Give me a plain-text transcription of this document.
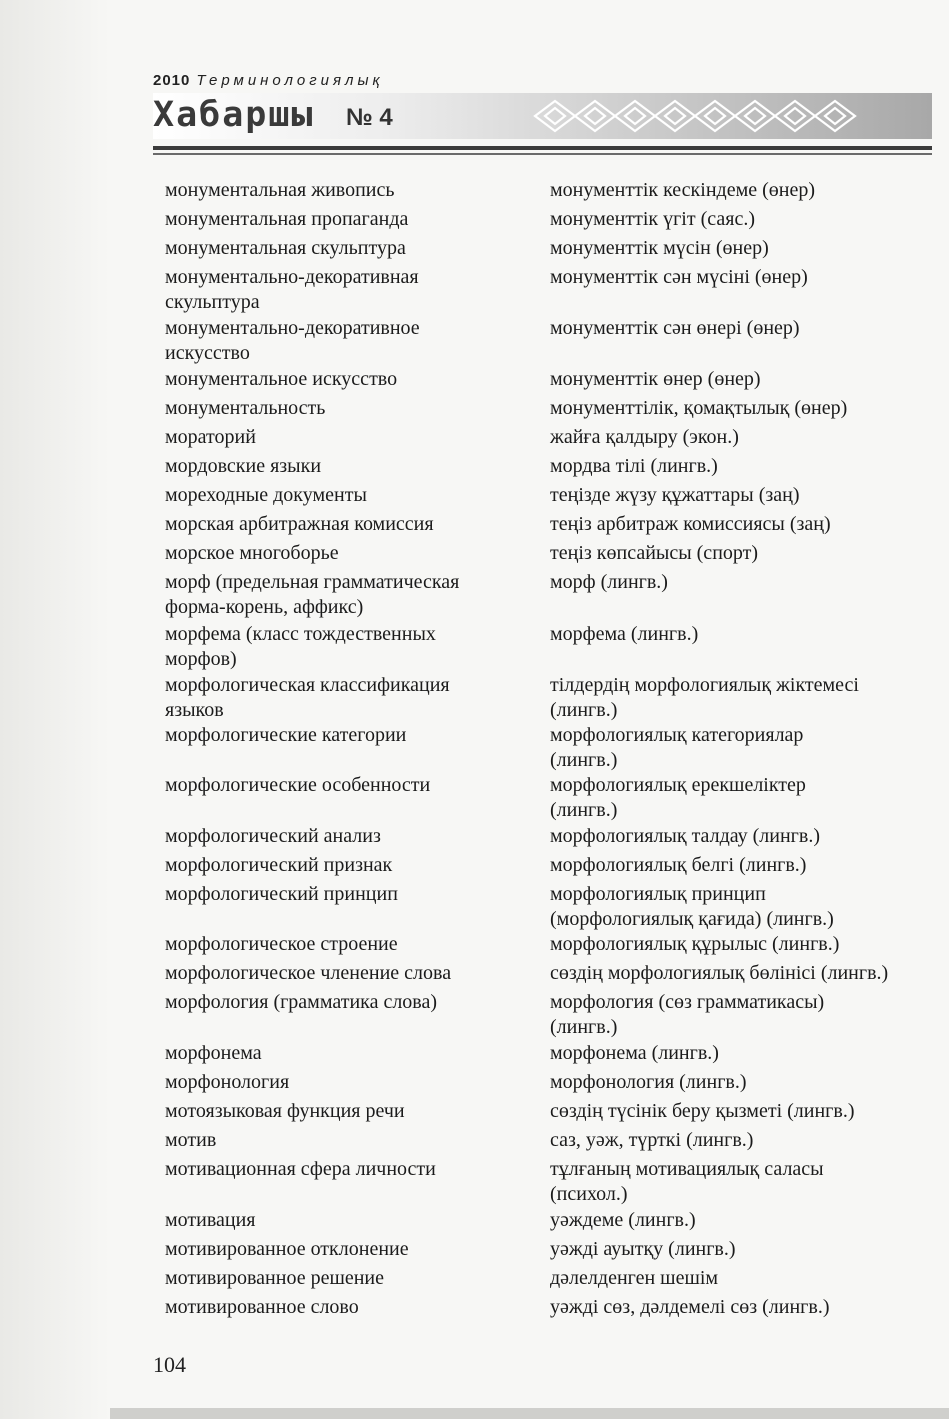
2010 Терминологиялық
Хабаршы № 4
монументальная живопись
монументальная пропаганда
монументальная скульптура
монументально-декоративная
скульптура
монументально-декоративное
искусство
монументальное искусство
монументальность
мораторий
мордовские языки
мореходные документы
морская арбитражная комиссия
морское многоборье
морф (предельная грамматическая
форма-корень, аффикс)
морфема (класс тождественных
морфов)
морфологическая классификация
языков
морфологические категории
морфологические особенности
морфологический анализ
морфологический признак
морфологический принцип
морфологическое строение
морфологическое членение слова
морфология (грамматика слова)
морфонема
морфонология
мотоязыковая функция речи
мотив
мотивационная сфера личности
мотивация
мотивированное отклонение
мотивированное решение
мотивированное слово
монументтік кескіндеме (өнер)
монументтік үгіт (саяс.)
монументтік мүсін (өнер)
монументтік сән мүсіні (өнер)
монументтік сән өнері (өнер)
монументтік өнер (өнер)
монументтілік, қомақтылық (өнер)
жайға қалдыру (экон.)
мордва тілі (лингв.)
теңізде жүзу құжаттары (заң)
теңіз арбитраж комиссиясы (заң)
теңіз көпсайысы (спорт)
морф (лингв.)
морфема (лингв.)
тілдердің морфологиялық жіктемесі
(лингв.)
морфологиялық категориялар
(лингв.)
морфологиялық ерекшеліктер
(лингв.)
морфологиялық талдау (лингв.)
морфологиялық белгі (лингв.)
морфологиялық принцип
(морфологиялық қағида) (лингв.)
морфологиялық құрылыс (лингв.)
сөздің морфологиялық бөлінісі (лингв.)
морфология (сөз грамматикасы)
(лингв.)
морфонема (лингв.)
морфонология (лингв.)
сөздің түсінік беру қызметі (лингв.)
саз, уәж, түрткі (лингв.)
тұлғаның мотивациялық саласы
(психол.)
уәждеме (лингв.)
уәжді ауытқу (лингв.)
дәлелденген шешім
уәжді сөз, дәлдемелі сөз (лингв.)
104
